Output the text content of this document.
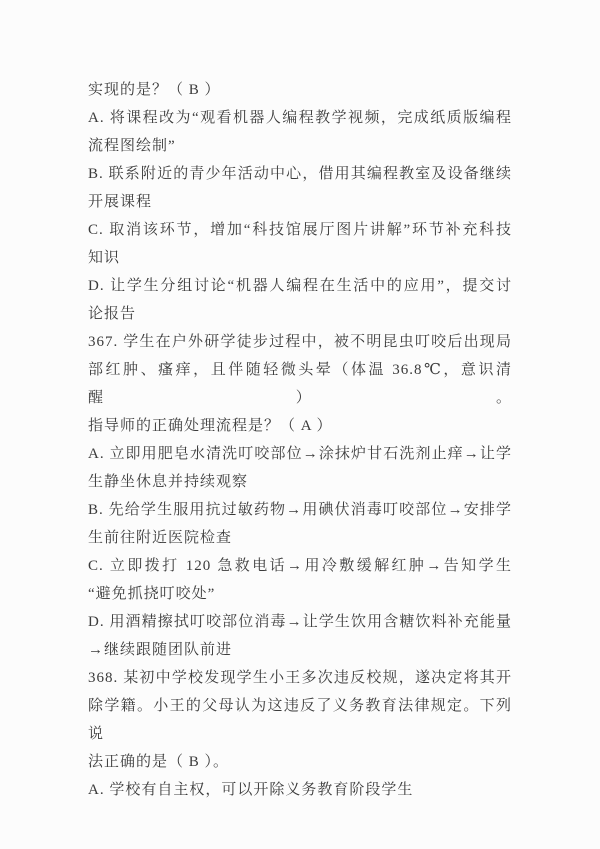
实现的是？（ B ）
A. 将课程改为“观看机器人编程教学视频，完成纸质版编程
流程图绘制”
B. 联系附近的青少年活动中心，借用其编程教室及设备继续
开展课程
C. 取消该环节，增加“科技馆展厅图片讲解”环节补充科技
知识
D. 让学生分组讨论“机器人编程在生活中的应用”，提交讨
论报告
367. 学生在户外研学徒步过程中，被不明昆虫叮咬后出现局
部红肿、瘙痒，且伴随轻微头晕（体温 36.8℃，意识清醒）。
指导师的正确处理流程是？（ A ）
A. 立即用肥皂水清洗叮咬部位→涂抹炉甘石洗剂止痒→让学
生静坐休息并持续观察
B. 先给学生服用抗过敏药物→用碘伏消毒叮咬部位→安排学
生前往附近医院检查
C. 立即拨打 120 急救电话→用冷敷缓解红肿→告知学生
“避免抓挠叮咬处”
D. 用酒精擦拭叮咬部位消毒→让学生饮用含糖饮料补充能量
→继续跟随团队前进
368. 某初中学校发现学生小王多次违反校规，遂决定将其开
除学籍。小王的父母认为这违反了义务教育法律规定。下列说
法正确的是（ B ）。
A. 学校有自主权，可以开除义务教育阶段学生
